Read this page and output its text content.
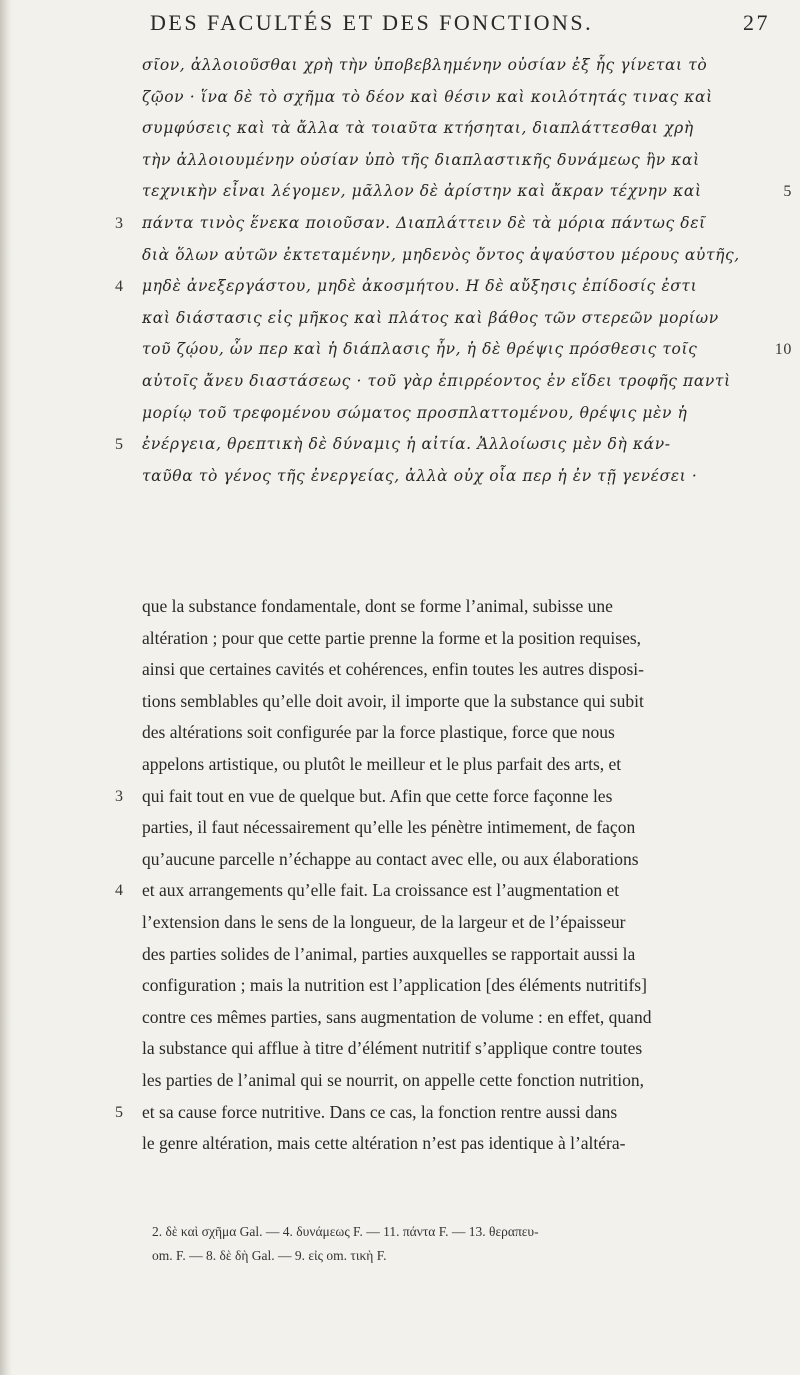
DES FACULTÉS ET DES FONCTIONS.	27
σῖον, ἀλλοιοῦσθαι χρὴ τὴν ὑποβεβλημένην οὐσίαν ἐξ ἧς γίνεται τὸ
ζῷον · ἵνα δὲ τὸ σχῆμα τὸ δέον καὶ θέσιν καὶ κοιλότητάς τινας καὶ
συμφύσεις καὶ τὰ ἄλλα τὰ τοιαῦτα κτήσηται, διαπλάττεσθαι χρὴ
τὴν ἀλλοιουμένην οὐσίαν ὑπὸ τῆς διαπλαστικῆς δυνάμεως ἣν καὶ
τεχνικὴν εἶναι λέγομεν, μᾶλλον δὲ ἀρίστην καὶ ἄκραν τέχνην καὶ	5
πάντα τινὸς ἕνεκα ποιοῦσαν. Διαπλάττειν δὲ τὰ μόρια πάντως δεῖ
3
διὰ ὅλων αὐτῶν ἐκτεταμένην, μηδενὸς ὄντος ἀψαύστου μέρους αὐτῆς,
μηδὲ ἀνεξεργάστου, μηδὲ ἀκοσμήτου. Η δὲ αὔξησις ἐπίδοσίς ἐστι
4
καὶ διάστασις εἰς μῆκος καὶ πλάτος καὶ βάθος τῶν στερεῶν μορίων
τοῦ ζῴου, ὧν περ καὶ ἡ διάπλασις ἦν, ἡ δὲ θρέψις πρόσθεσις τοῖς	10
αὐτοῖς ἄνευ διαστάσεως · τοῦ γὰρ ἐπιρρέοντος ἐν εἴδει τροφῆς παντὶ
μορίῳ τοῦ τρεφομένου σώματος προσπλαττομένου, θρέψις μὲν ἡ
ἐνέργεια, θρεπτικὴ δὲ δύναμις ἡ αἰτία. Ἀλλοίωσις μὲν δὴ κάν-
5
ταῦθα τὸ γένος τῆς ἐνεργείας, ἀλλὰ οὐχ οἷα περ ἡ ἐν τῇ γενέσει ·
que la substance fondamentale, dont se forme l’animal, subisse une
altération ; pour que cette partie prenne la forme et la position requises,
ainsi que certaines cavités et cohérences, enfin toutes les autres disposi-
tions semblables qu’elle doit avoir, il importe que la substance qui subit
des altérations soit configurée par la force plastique, force que nous
appelons artistique, ou plutôt le meilleur et le plus parfait des arts, et
qui fait tout en vue de quelque but. Afin que cette force façonne les
3
parties, il faut nécessairement qu’elle les pénètre intimement, de façon
qu’aucune parcelle n’échappe au contact avec elle, ou aux élaborations
et aux arrangements qu’elle fait. La croissance est l’augmentation et
4
l’extension dans le sens de la longueur, de la largeur et de l’épaisseur
des parties solides de l’animal, parties auxquelles se rapportait aussi la
configuration ; mais la nutrition est l’application [des éléments nutritifs]
contre ces mêmes parties, sans augmentation de volume : en effet, quand
la substance qui afflue à titre d’élément nutritif s’applique contre toutes
les parties de l’animal qui se nourrit, on appelle cette fonction nutrition,
et sa cause force nutritive. Dans ce cas, la fonction rentre aussi dans
5
le genre altération, mais cette altération n’est pas identique à l’altéra-
2. δὲ καὶ σχῆμα Gal. — 4. δυνάμεως F. — 11. πάντα F. — 13. θεραπευ-
om. F. — 8. δὲ δὴ Gal. — 9. εἰς om. τικὴ F.
